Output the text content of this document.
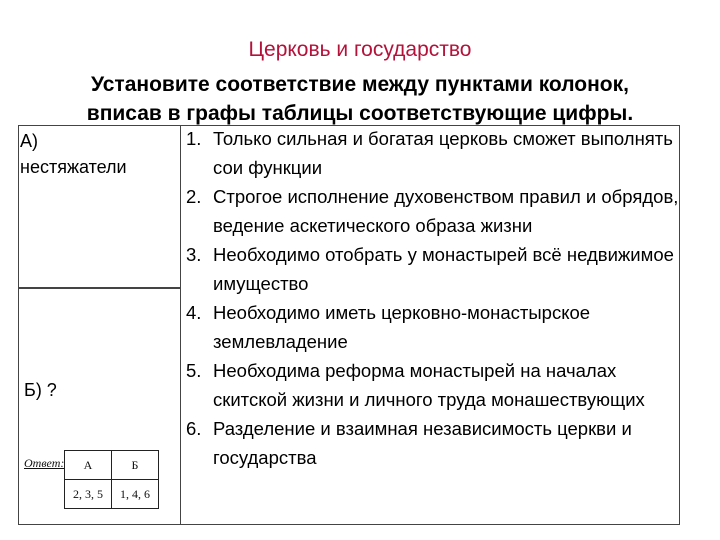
Церковь и государство
Установите соответствие между пунктами колонок,
вписав в графы таблицы соответствующие цифры.
А)
нестяжатели
Б) ?
1. Только сильная и богатая церковь сможет выполнять сои функции
2. Строгое исполнение духовенством правил и обрядов, ведение аскетического образа жизни
3. Необходимо отобрать у монастырей всё недвижимое имущество
4. Необходимо иметь церковно-монастырское землевладение
5. Необходима реформа монастырей на началах скитской жизни и личного труда монашествующих
6. Разделение и взаимная независимость церкви и государства
Ответ: А	Б
2, 3, 5	1, 4, 6
